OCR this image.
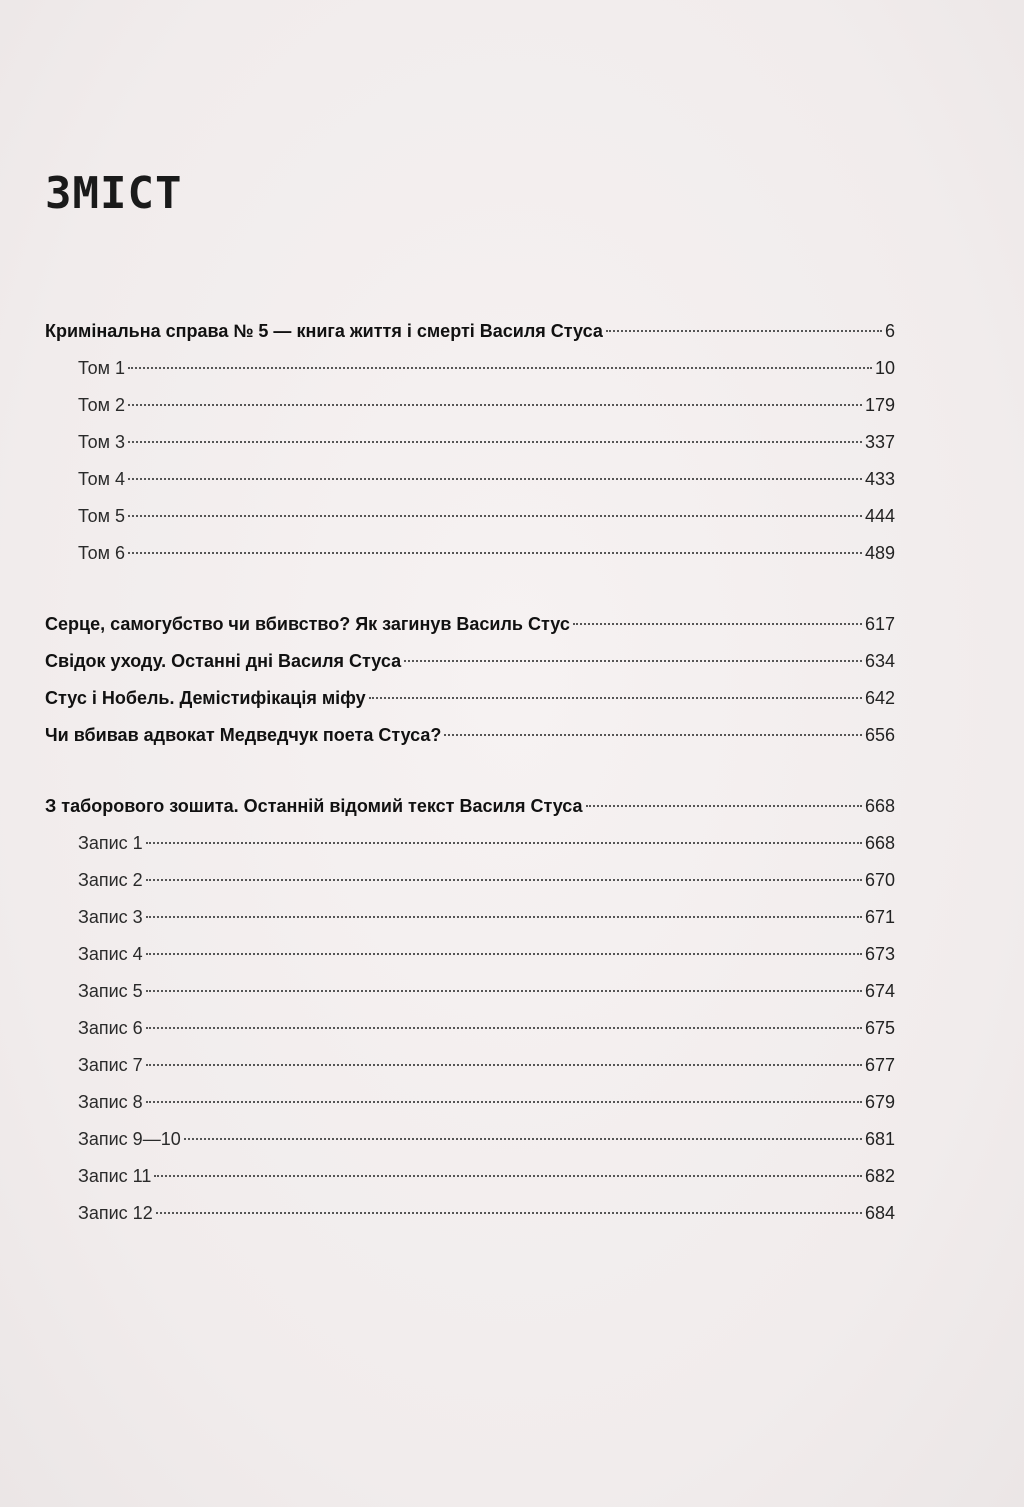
ЗМІСТ
Кримінальна справа № 5 — книга життя і смерті Василя Стуса	6
Том 1	10
Том 2	179
Том 3	337
Том 4	433
Том 5	444
Том 6	489
Серце, самогубство чи вбивство? Як загинув Василь Стус	617
Свідок уходу. Останні дні Василя Стуса	634
Стус і Нобель. Демістифікація міфу	642
Чи вбивав адвокат Медведчук поета Стуса?	656
З таборового зошита. Останній відомий текст Василя Стуса	668
Запис 1	668
Запис 2	670
Запис 3	671
Запис 4	673
Запис 5	674
Запис 6	675
Запис 7	677
Запис 8	679
Запис 9—10	681
Запис 11	682
Запис 12	684
